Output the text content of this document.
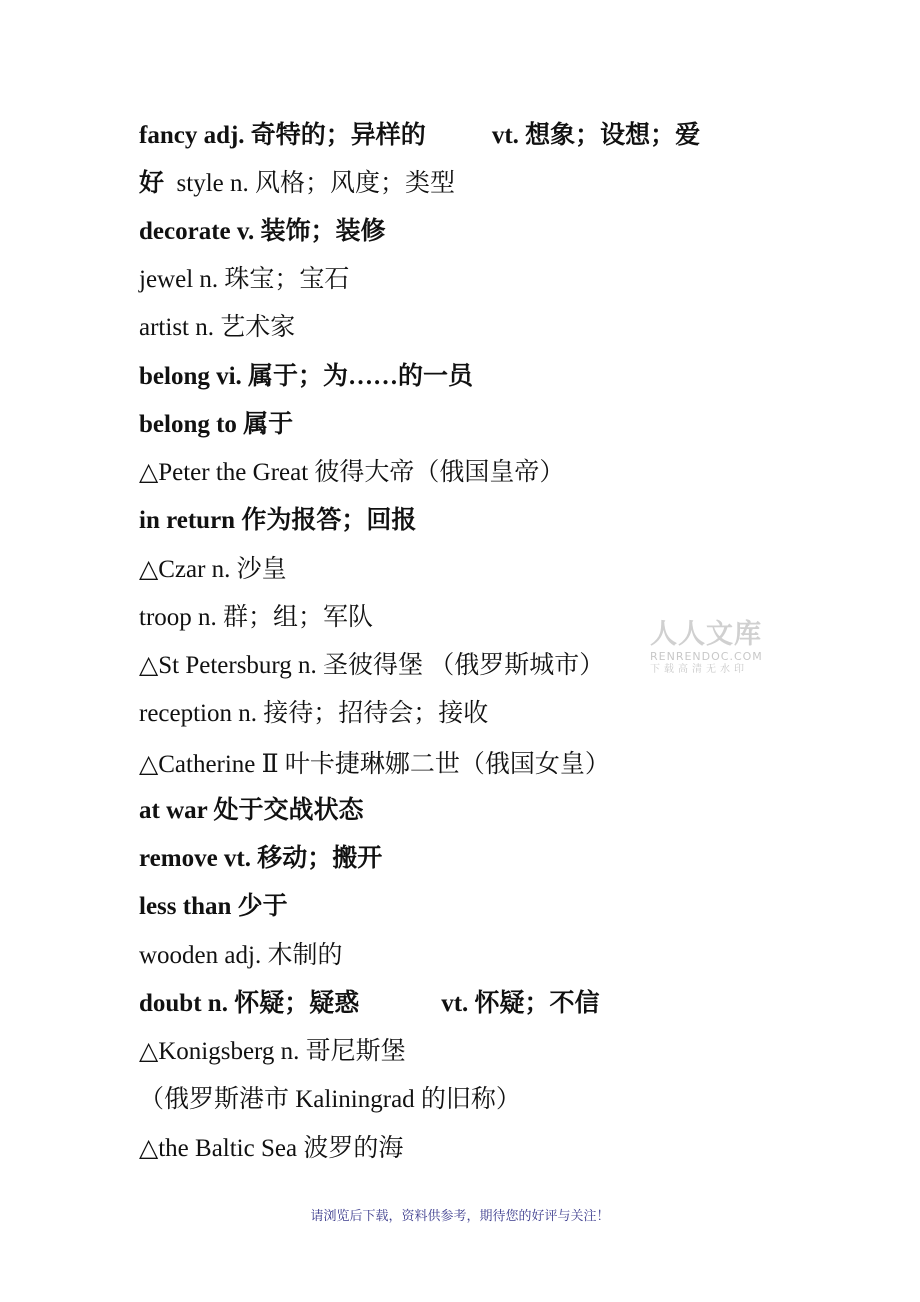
fancy adj. 奇特的；异样的	vt. 想象；设想；爱
好 style n. 风格；风度；类型
decorate v. 装饰；装修
jewel n. 珠宝；宝石
artist n. 艺术家
belong vi. 属于；为……的一员
belong to 属于
△Peter the Great 彼得大帝（俄国皇帝）
in return 作为报答；回报
△Czar n. 沙皇
troop n. 群；组；军队
△St Petersburg n. 圣彼得堡 （俄罗斯城市）
reception n. 接待；招待会；接收
△Catherine Ⅱ 叶卡捷琳娜二世（俄国女皇）
at war 处于交战状态
remove vt. 移动；搬开
less than 少于
wooden adj. 木制的
doubt n. 怀疑；疑惑	vt. 怀疑；不信
△Konigsberg n. 哥尼斯堡
（俄罗斯港市 Kaliningrad 的旧称）
△the Baltic Sea 波罗的海
人人文库
RENRENDOC.COM
下载高清无水印
请浏览后下载，资料供参考，期待您的好评与关注！
